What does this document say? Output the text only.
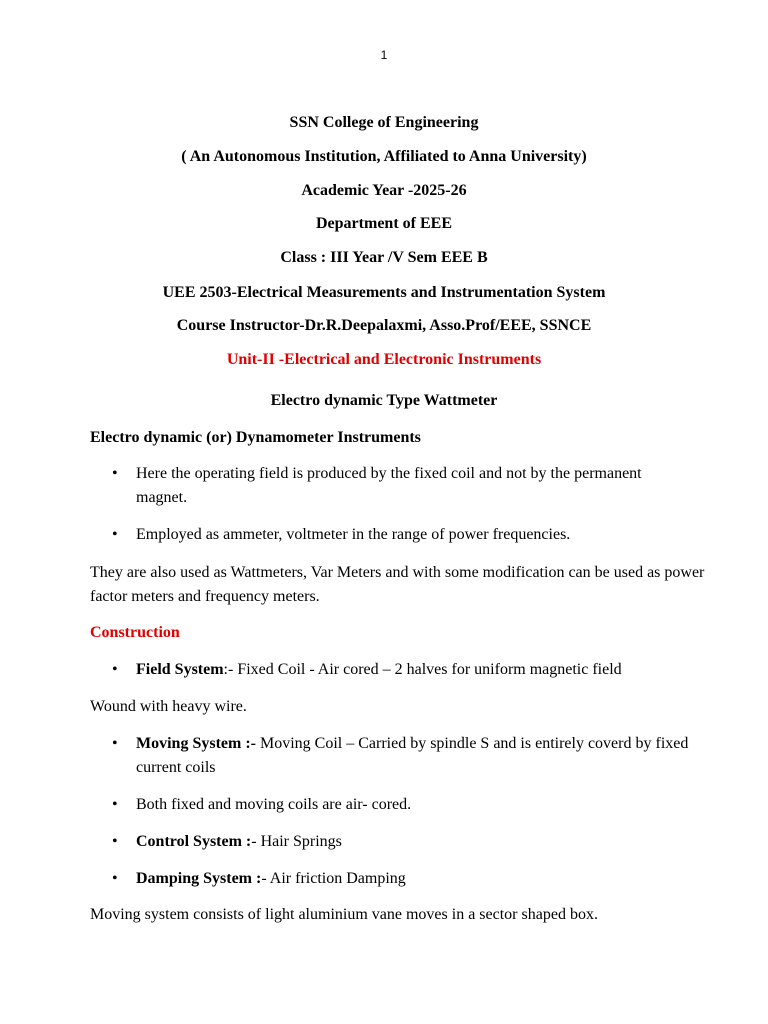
1
SSN College of Engineering
( An Autonomous Institution, Affiliated to Anna University)
Academic Year -2025-26
Department of EEE
Class : III Year /V Sem EEE B
UEE 2503-Electrical Measurements and Instrumentation System
Course Instructor-Dr.R.Deepalaxmi, Asso.Prof/EEE, SSNCE
Unit-II -Electrical and Electronic Instruments
Electro dynamic Type Wattmeter
Electro dynamic (or) Dynamometer Instruments
• Here the operating field is produced by the fixed coil and not by the permanent magnet.
• Employed as ammeter, voltmeter in the range of power frequencies.
They are also used as Wattmeters, Var Meters and with some modification can be used as power factor meters and frequency meters.
Construction
• Field System:- Fixed Coil - Air cored – 2 halves for uniform magnetic field
Wound with heavy wire.
• Moving System :- Moving Coil – Carried by spindle S and is entirely coverd by fixed current coils
• Both fixed and moving coils are air- cored.
• Control System :- Hair Springs
• Damping System :- Air friction Damping
Moving system consists of light aluminium vane moves in a sector shaped box.
